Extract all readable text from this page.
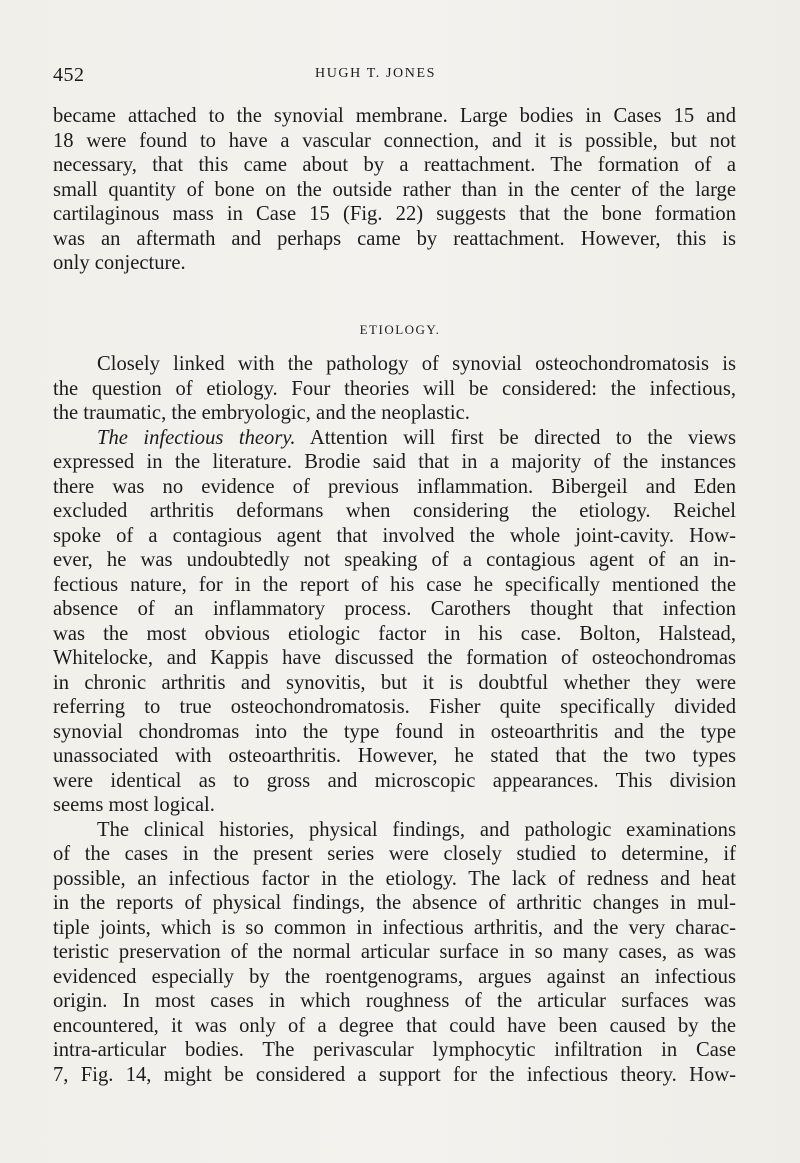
452	HUGH T. JONES
became attached to the synovial membrane. Large bodies in Cases 15 and
18 were found to have a vascular connection, and it is possible, but not
necessary, that this came about by a reattachment. The formation of a
small quantity of bone on the outside rather than in the center of the large
cartilaginous mass in Case 15 (Fig. 22) suggests that the bone formation
was an aftermath and perhaps came by reattachment. However, this is
only conjecture.
ETIOLOGY.
Closely linked with the pathology of synovial osteochondromatosis is
the question of etiology. Four theories will be considered: the infectious,
the traumatic, the embryologic, and the neoplastic.
The infectious theory. Attention will first be directed to the views
expressed in the literature. Brodie said that in a majority of the instances
there was no evidence of previous inflammation. Bibergeil and Eden
excluded arthritis deformans when considering the etiology. Reichel
spoke of a contagious agent that involved the whole joint-cavity. How-
ever, he was undoubtedly not speaking of a contagious agent of an in-
fectious nature, for in the report of his case he specifically mentioned the
absence of an inflammatory process. Carothers thought that infection
was the most obvious etiologic factor in his case. Bolton, Halstead,
Whitelocke, and Kappis have discussed the formation of osteochondromas
in chronic arthritis and synovitis, but it is doubtful whether they were
referring to true osteochondromatosis. Fisher quite specifically divided
synovial chondromas into the type found in osteoarthritis and the type
unassociated with osteoarthritis. However, he stated that the two types
were identical as to gross and microscopic appearances. This division
seems most logical.
The clinical histories, physical findings, and pathologic examinations
of the cases in the present series were closely studied to determine, if
possible, an infectious factor in the etiology. The lack of redness and heat
in the reports of physical findings, the absence of arthritic changes in mul-
tiple joints, which is so common in infectious arthritis, and the very charac-
teristic preservation of the normal articular surface in so many cases, as was
evidenced especially by the roentgenograms, argues against an infectious
origin. In most cases in which roughness of the articular surfaces was
encountered, it was only of a degree that could have been caused by the
intra-articular bodies. The perivascular lymphocytic infiltration in Case
7, Fig. 14, might be considered a support for the infectious theory. How-
